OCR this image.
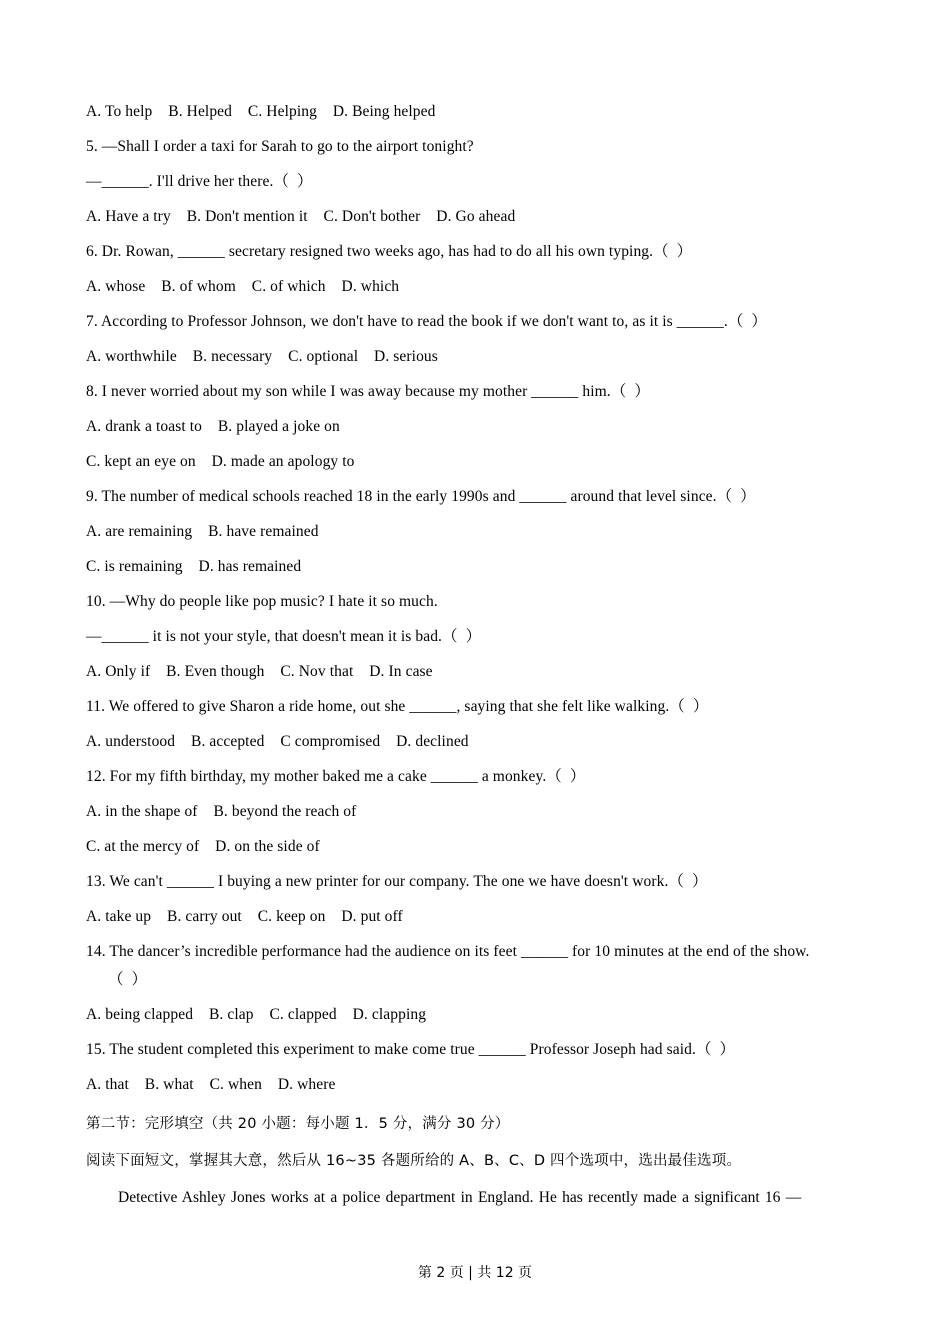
A. To help    B. Helped    C. Helping    D. Being helped
5. —Shall I order a taxi for Sarah to go to the airport tonight?
—______. I'll drive her there.（  ）
A. Have a try    B. Don't mention it    C. Don't bother    D. Go ahead
6. Dr. Rowan, ______ secretary resigned two weeks ago, has had to do all his own typing.（  ）
A. whose    B. of whom    C. of which    D. which
7. According to Professor Johnson, we don't have to read the book if we don't want to, as it is ______.（  ）
A. worthwhile    B. necessary    C. optional    D. serious
8. I never worried about my son while I was away because my mother ______ him.（  ）
A. drank a toast to    B. played a joke on
C. kept an eye on    D. made an apology to
9. The number of medical schools reached 18 in the early 1990s and ______ around that level since.（  ）
A. are remaining    B. have remained
C. is remaining    D. has remained
10. —Why do people like pop music? I hate it so much.
—______ it is not your style, that doesn't mean it is bad.（  ）
A. Only if    B. Even though    C. Nov that    D. In case
11. We offered to give Sharon a ride home, out she ______, saying that she felt like walking.（  ）
A. understood    B. accepted    C compromised    D. declined
12. For my fifth birthday, my mother baked me a cake ______ a monkey.（  ）
A. in the shape of    B. beyond the reach of
C. at the mercy of    D. on the side of
13. We can't ______ I buying a new printer for our company. The one we have doesn't work.（  ）
A. take up    B. carry out    C. keep on    D. put off
14. The dancer’s incredible performance had the audience on its feet ______ for 10 minutes at the end of the show.
（  ）
A. being clapped    B. clap    C. clapped    D. clapping
15. The student completed this experiment to make come true ______ Professor Joseph had said.（  ）
A. that    B. what    C. when    D. where
第二节：完形填空（共 20 小题：每小题 1．5 分，满分 30 分）
阅读下面短文，掌握其大意，然后从 16~35 各题所给的 A、B、C、D 四个选项中，选出最佳选项。

Detective Ashley Jones works at a police department in England. He has recently made a significant 16 —

第 2 页 | 共 12 页
